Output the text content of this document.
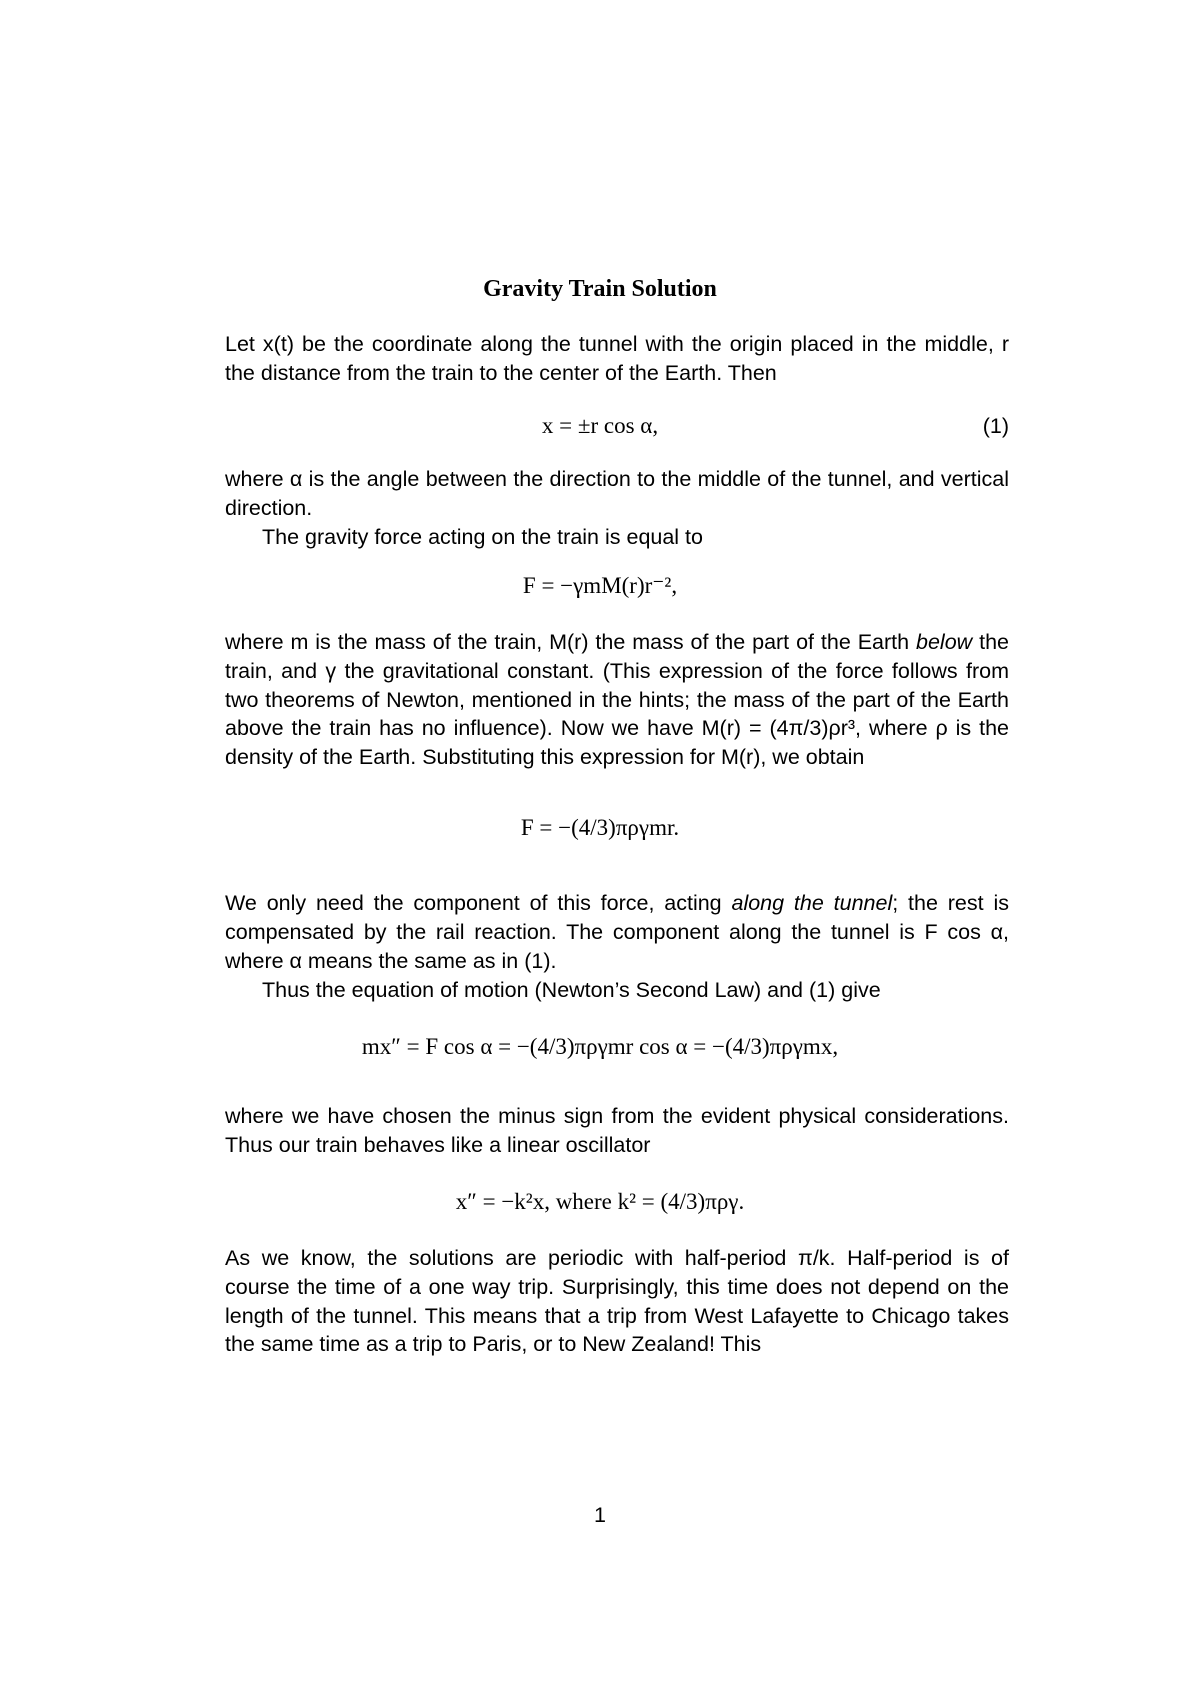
Gravity Train Solution
Let x(t) be the coordinate along the tunnel with the origin placed in the middle, r the distance from the train to the center of the Earth. Then
x = ±r cos α,	(1)
where α is the angle between the direction to the middle of the tunnel, and vertical direction.
The gravity force acting on the train is equal to
F = −γmM(r)r⁻²,
where m is the mass of the train, M(r) the mass of the part of the Earth below the train, and γ the gravitational constant. (This expression of the force follows from two theorems of Newton, mentioned in the hints; the mass of the part of the Earth above the train has no influence). Now we have M(r) = (4π/3)ρr³, where ρ is the density of the Earth. Substituting this expression for M(r), we obtain
F = −(4/3)πργmr.
We only need the component of this force, acting along the tunnel; the rest is compensated by the rail reaction. The component along the tunnel is F cos α, where α means the same as in (1).
Thus the equation of motion (Newton’s Second Law) and (1) give
mx″ = F cos α = −(4/3)πργmr cos α = −(4/3)πργmx,
where we have chosen the minus sign from the evident physical considerations. Thus our train behaves like a linear oscillator
x″ = −k²x, where k² = (4/3)πργ.
As we know, the solutions are periodic with half-period π/k. Half-period is of course the time of a one way trip. Surprisingly, this time does not depend on the length of the tunnel. This means that a trip from West Lafayette to Chicago takes the same time as a trip to Paris, or to New Zealand! This
1
